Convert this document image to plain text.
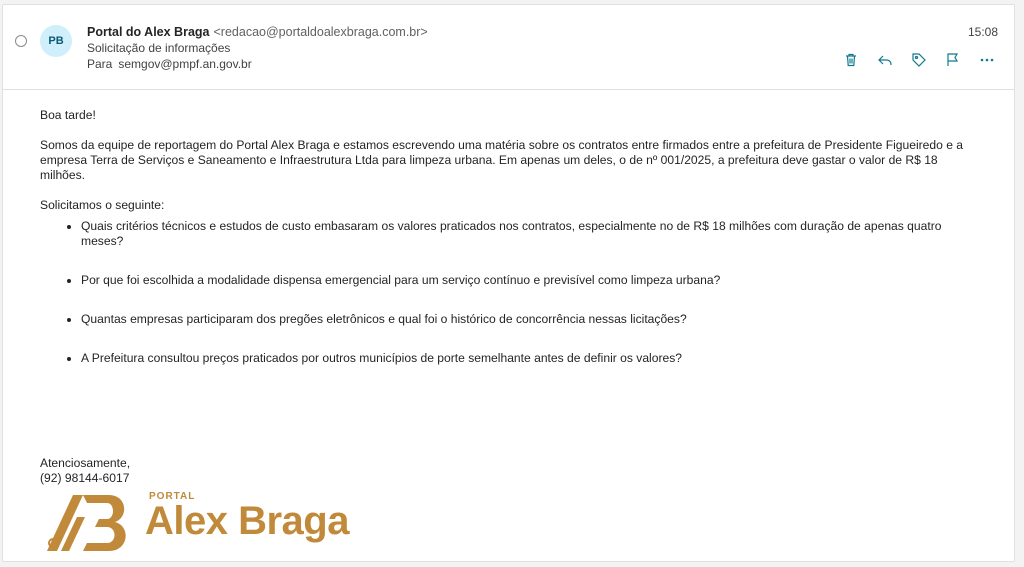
PB
Portal do Alex Braga <redacao@portaldoalexbraga.com.br>
Solicitação de informações
Para semgov@pmpf.an.gov.br
15:08

Boa tarde!

Somos da equipe de reportagem do Portal Alex Braga e estamos escrevendo uma matéria sobre os contratos entre firmados entre a prefeitura de Presidente Figueiredo e a empresa Terra de Serviços e Saneamento e Infraestrutura Ltda para limpeza urbana. Em apenas um deles, o de nº 001/2025, a prefeitura deve gastar o valor de R$ 18 milhões.

Solicitamos o seguinte:

• Quais critérios técnicos e estudos de custo embasaram os valores praticados nos contratos, especialmente no de R$ 18 milhões com duração de apenas quatro meses?
• Por que foi escolhida a modalidade dispensa emergencial para um serviço contínuo e previsível como limpeza urbana?
• Quantas empresas participaram dos pregões eletrônicos e qual foi o histórico de concorrência nessas licitações?
• A Prefeitura consultou preços praticados por outros municípios de porte semelhante antes de definir os valores?
Atenciosamente,
(92) 98144-6017
PORTAL
Alex Braga
